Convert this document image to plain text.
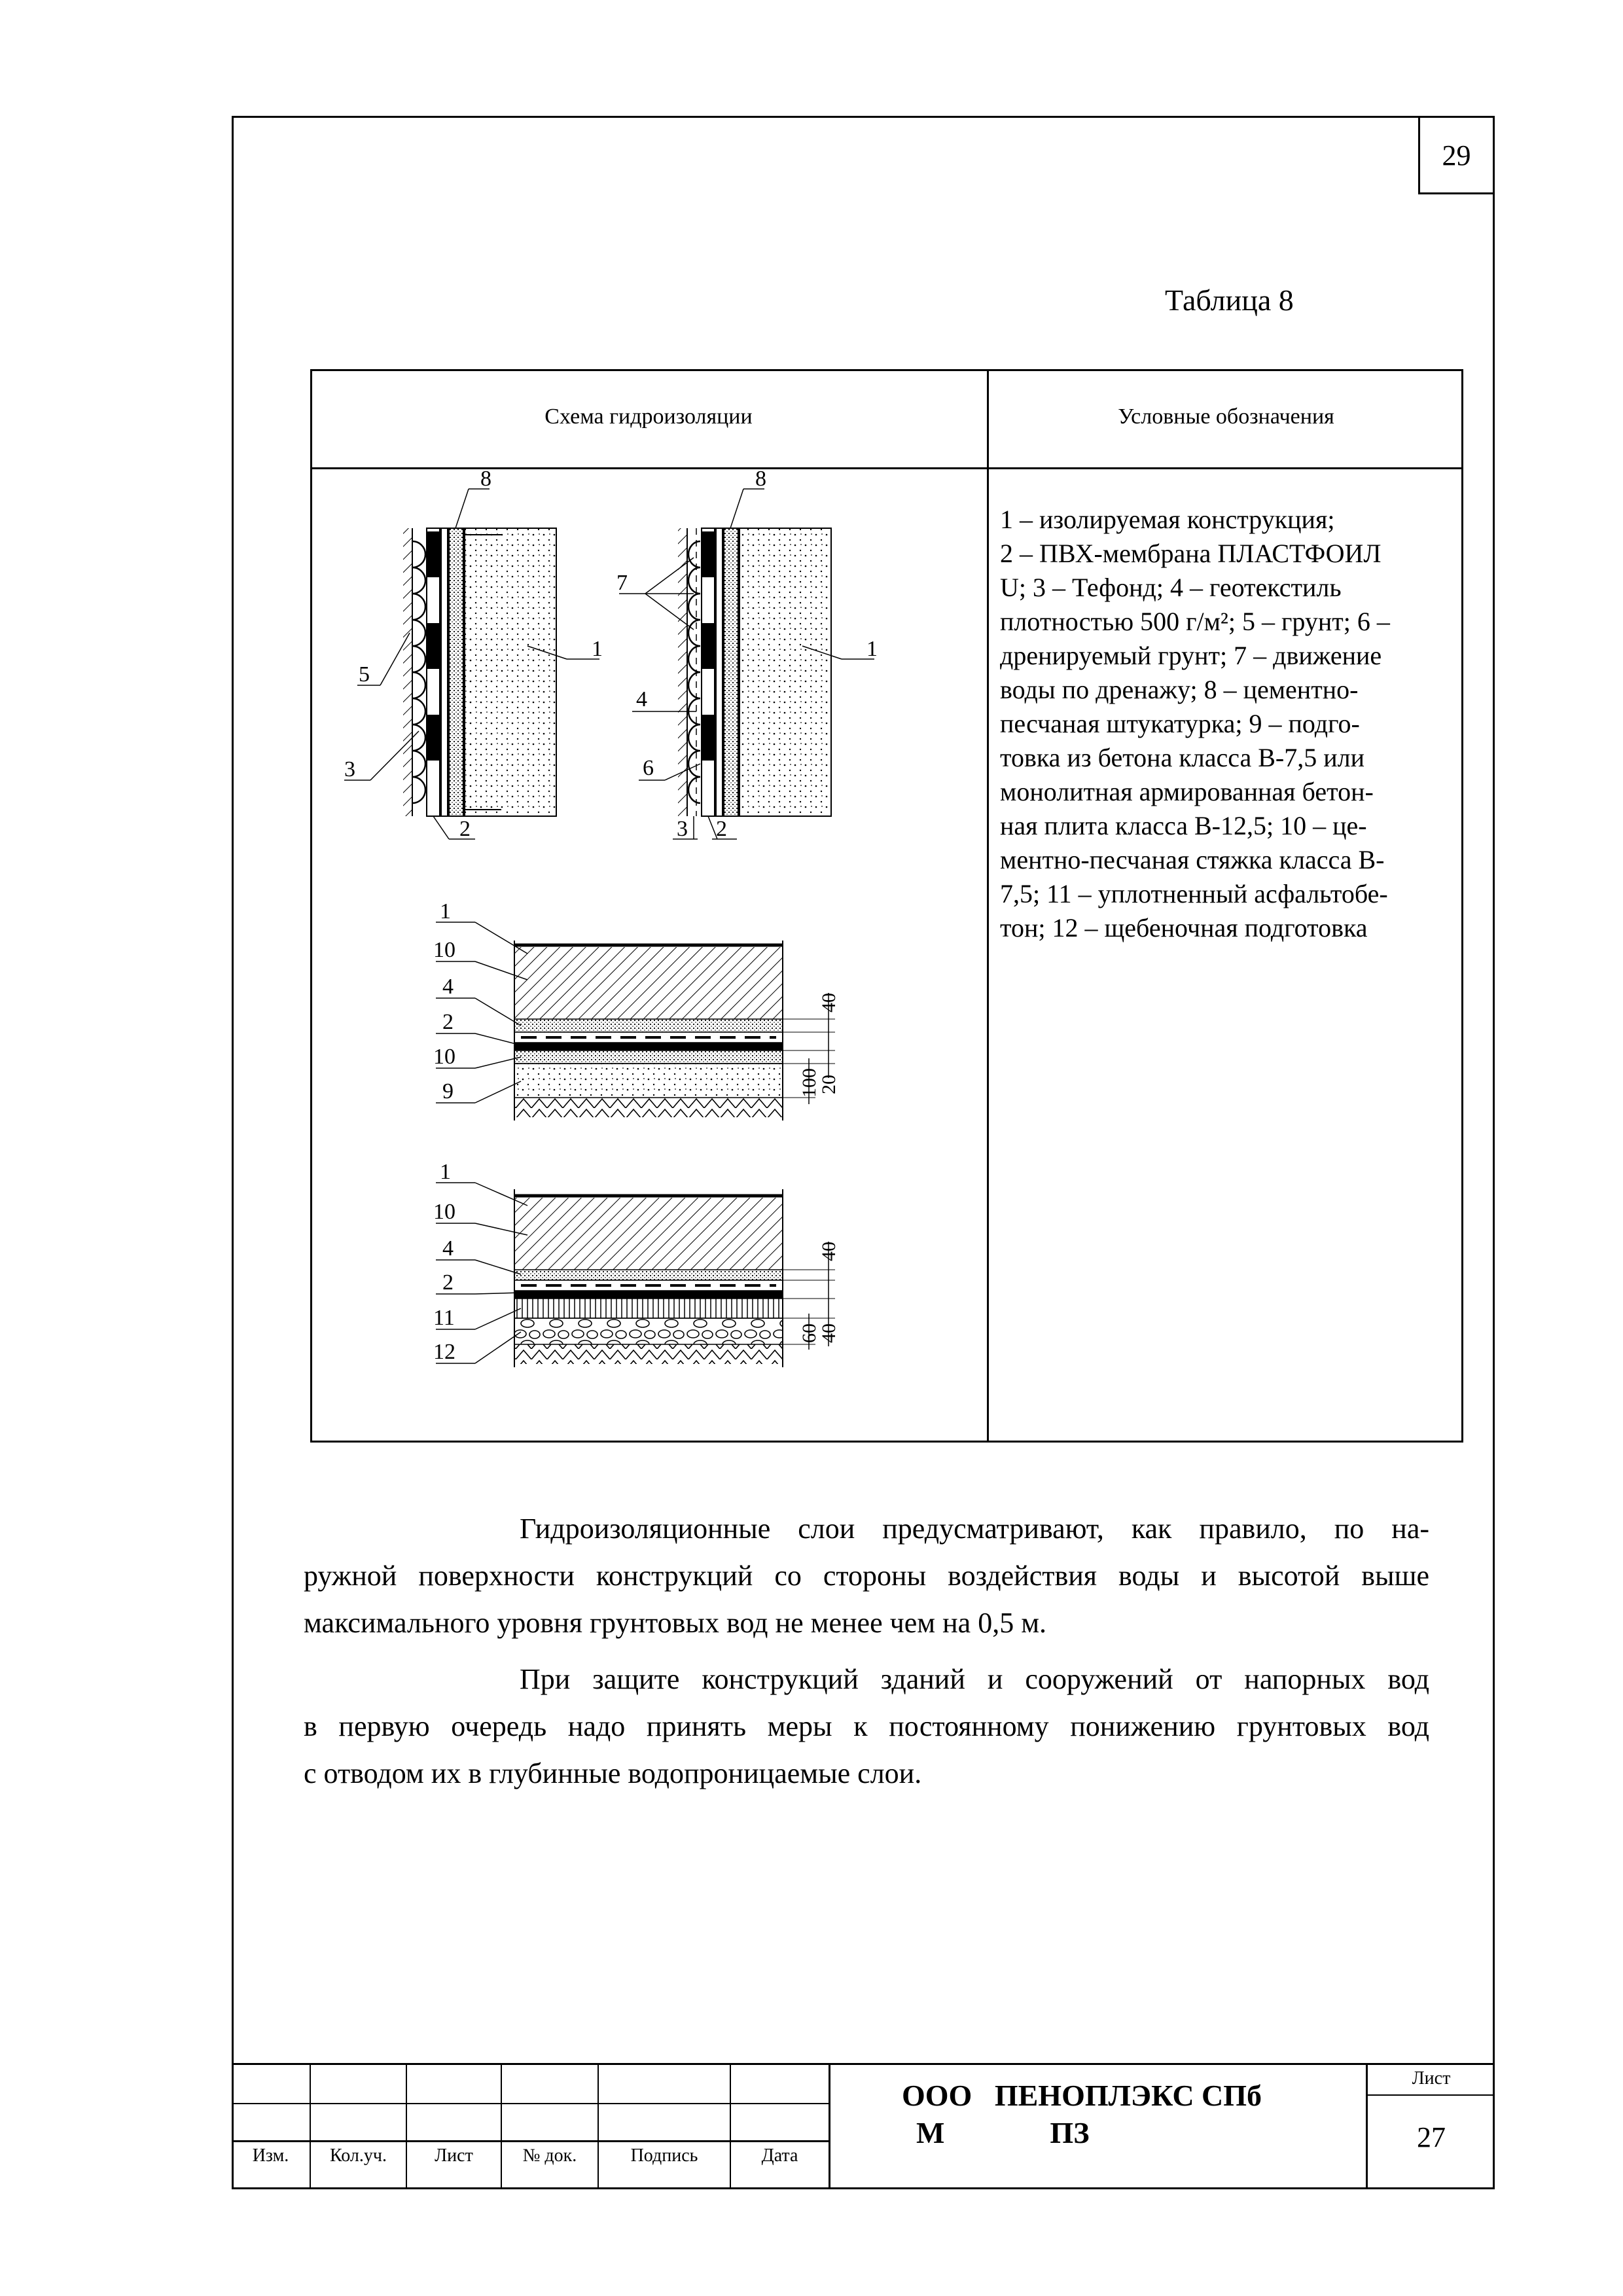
29
Таблица 8
Схема гидроизоляции	Условные обозначения
1 – изолируемая конструкция;
2 – ПВХ-мембрана ПЛАСТФОИЛ
U; 3 – Тефонд; 4 – геотекстиль
плотностью 500 г/м²; 5 – грунт; 6 –
дренируемый грунт; 7 – движение
воды по дренажу; 8 – цементно-
песчаная штукатурка; 9 – подго-
товка из бетона класса В-7,5 или
монолитная армированная бетон-
ная плита класса В-12,5; 10 – це-
ментно-песчаная стяжка класса В-
7,5; 11 – уплотненный асфальтобе-
тон; 12 – щебеночная подготовка
8
1
5
3
2
8
1
7
4
6
3 2
1
10
4
2
10
9
40
100
20
1
10
4
2
11
12
40
60
40
Гидроизоляционные слои предусматривают, как правило, по на-
ружной поверхности конструкций со стороны воздействия воды и высотой выше
максимального уровня грунтовых вод не менее чем на 0,5 м.
При защите конструкций зданий и сооружений от напорных вод
в первую очередь надо принять меры к постоянному понижению грунтовых вод
с отводом их в глубинные водопроницаемые слои.
Изм.	Кол.уч.	Лист	№ док.	Подпись	Дата
ООО   ПЕНОПЛЭКС СПб
М              ПЗ
Лист
27
